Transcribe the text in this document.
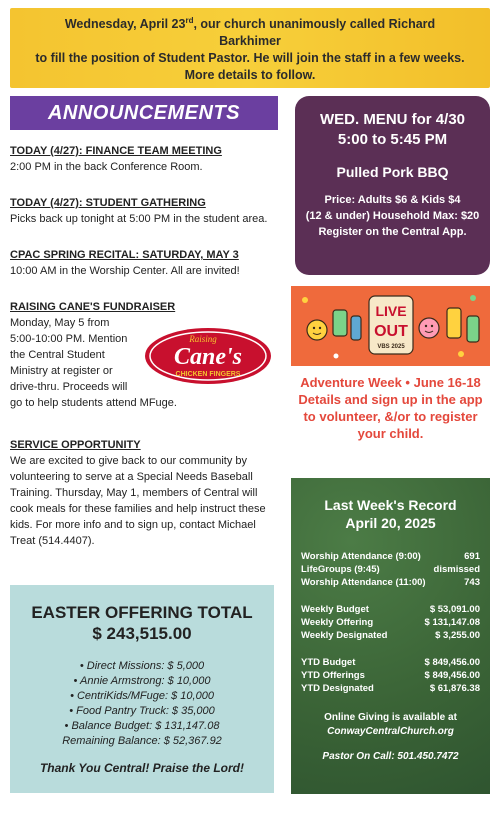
Wednesday, April 23rd, our church unanimously called Richard Barkhimer
to fill the position of Student Pastor. He will join the staff in a few weeks.
More details to follow.
ANNOUNCEMENTS
TODAY (4/27): FINANCE TEAM MEETING

2:00 PM in the back Conference Room.

TODAY (4/27): STUDENT GATHERING

Picks back up tonight at 5:00 PM in the student area.

CPAC SPRING RECITAL: SATURDAY, MAY 3

10:00 AM in the Worship Center. All are invited!

RAISING CANE'S FUNDRAISER

Monday, May 5 from

5:00-10:00 PM. Mention

the Central Student

Ministry at register or

drive-thru. Proceeds will

go to help students attend MFuge.

Raising
Cane's
CHICKEN FINGERS
SERVICE OPPORTUNITY

We are excited to give back to our community by

volunteering to serve at a Special Needs Baseball

Training. Thursday, May 1, members of Central will

cook meals for these families and help instruct these

kids. For more info and to sign up, contact Michael

Treat (514.4407).

EASTER OFFERING TOTAL
$ 243,515.00
• Direct Missions: $ 5,000
• Annie Armstrong: $ 10,000
• CentriKids/MFuge: $ 10,000
• Food Pantry Truck: $ 35,000
• Balance Budget: $ 131,147.08
Remaining Balance: $ 52,367.92
Thank You Central! Praise the Lord!
WED. MENU for 4/30
5:00 to 5:45 PM
Pulled Pork BBQ
Price: Adults $6 & Kids $4
(12 & under) Household Max: $20
Register on the Central App.
LIVE
OUT
VBS 2025
Adventure Week • June 16-18
Details and sign up in the app
to volunteer, &/or to register
your child.
Last Week's Record
April 20, 2025
Worship Attendance (9:00)	691
LifeGroups (9:45)	dismissed
Worship Attendance (11:00)	743
Weekly Budget	$ 53,091.00
Weekly Offering	$ 131,147.08
Weekly Designated	$ 3,255.00
YTD Budget	$ 849,456.00
YTD Offerings	$ 849,456.00
YTD Designated	$ 61,876.38
Online Giving is available at
ConwayCentralChurch.org
Pastor On Call: 501.450.7472
